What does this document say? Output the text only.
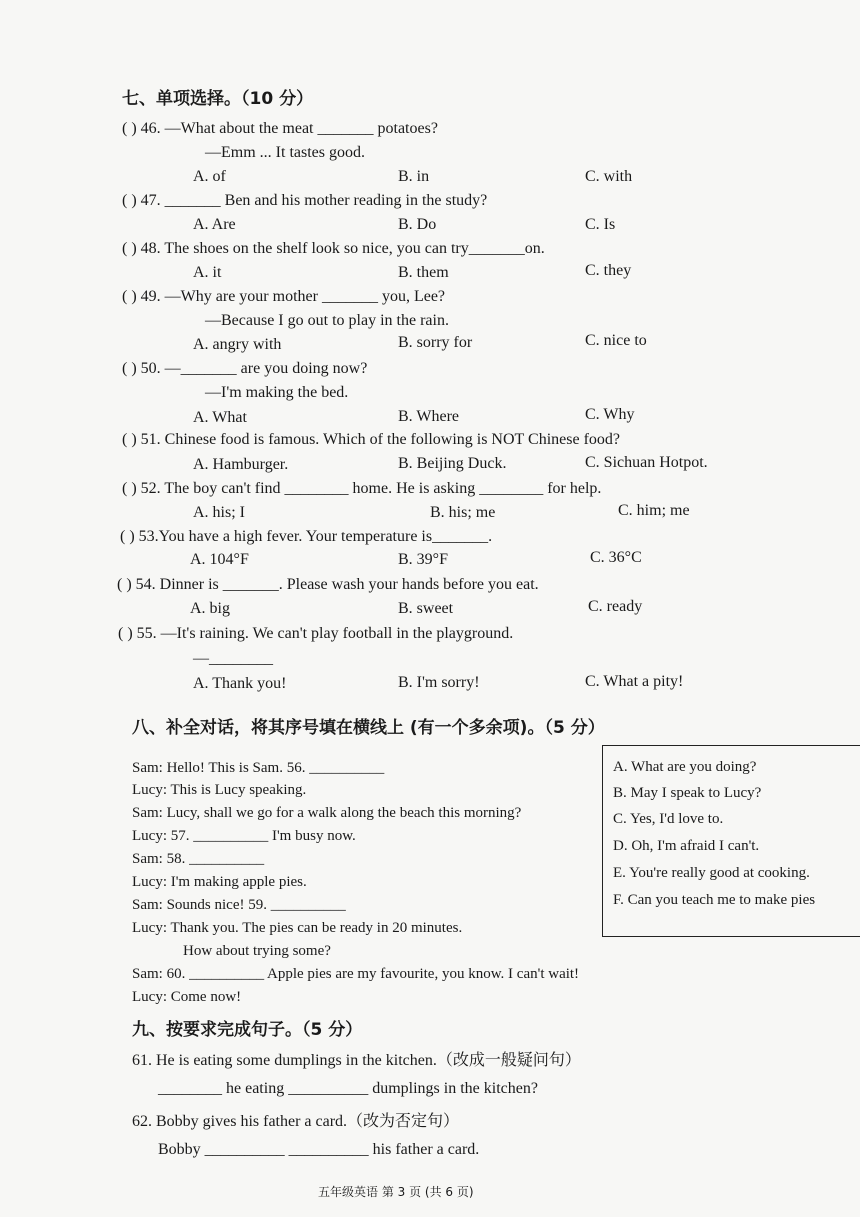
七、单项选择。（10 分）
( ) 46. —What about the meat _______ potatoes?
—Emm ... It tastes good.
A. of	B. in	C. with
( ) 47. _______ Ben and his mother reading in the study?
A. Are	B. Do	C. Is
( ) 48. The shoes on the shelf look so nice, you can try_______on.
A. it	B. them	C. they
( ) 49. —Why are your mother _______ you, Lee?
—Because I go out to play in the rain.
A. angry with	B. sorry for	C. nice to
( ) 50. —_______ are you doing now?
—I'm making the bed.
A. What	B. Where	C. Why
( ) 51. Chinese food is famous. Which of the following is NOT Chinese food?
A. Hamburger.	B. Beijing Duck.	C. Sichuan Hotpot.
( ) 52. The boy can't find ________ home. He is asking ________ for help.
A. his; I	B. his; me	C. him; me
( ) 53.You have a high fever. Your temperature is_______.
A. 104°F	B. 39°F	C. 36°C
( ) 54. Dinner is _______. Please wash your hands before you eat.
A. big	B. sweet	C. ready
( ) 55. —It's raining. We can't play football in the playground.
—________
A. Thank you!	B. I'm sorry!	C. What a pity!
八、补全对话，将其序号填在横线上 (有一个多余项)。（5 分）
Sam: Hello! This is Sam. 56. __________
Lucy: This is Lucy speaking.
Sam: Lucy, shall we go for a walk along the beach this morning?
Lucy: 57. __________ I'm busy now.
Sam: 58. __________
Lucy: I'm making apple pies.
Sam: Sounds nice! 59. __________
Lucy: Thank you. The pies can be ready in 20 minutes.
How about trying some?
Sam: 60. __________ Apple pies are my favourite, you know. I can't wait!
Lucy: Come now!
A. What are you doing?
B. May I speak to Lucy?
C. Yes, I'd love to.
D. Oh, I'm afraid I can't.
E. You're really good at cooking.
F. Can you teach me to make pies
九、按要求完成句子。（5 分）
61. He is eating some dumplings in the kitchen.（改成一般疑问句）
________ he eating __________ dumplings in the kitchen?
62. Bobby gives his father a card.（改为否定句）
Bobby __________ __________ his father a card.
五年级英语 第 3 页 (共 6 页)
